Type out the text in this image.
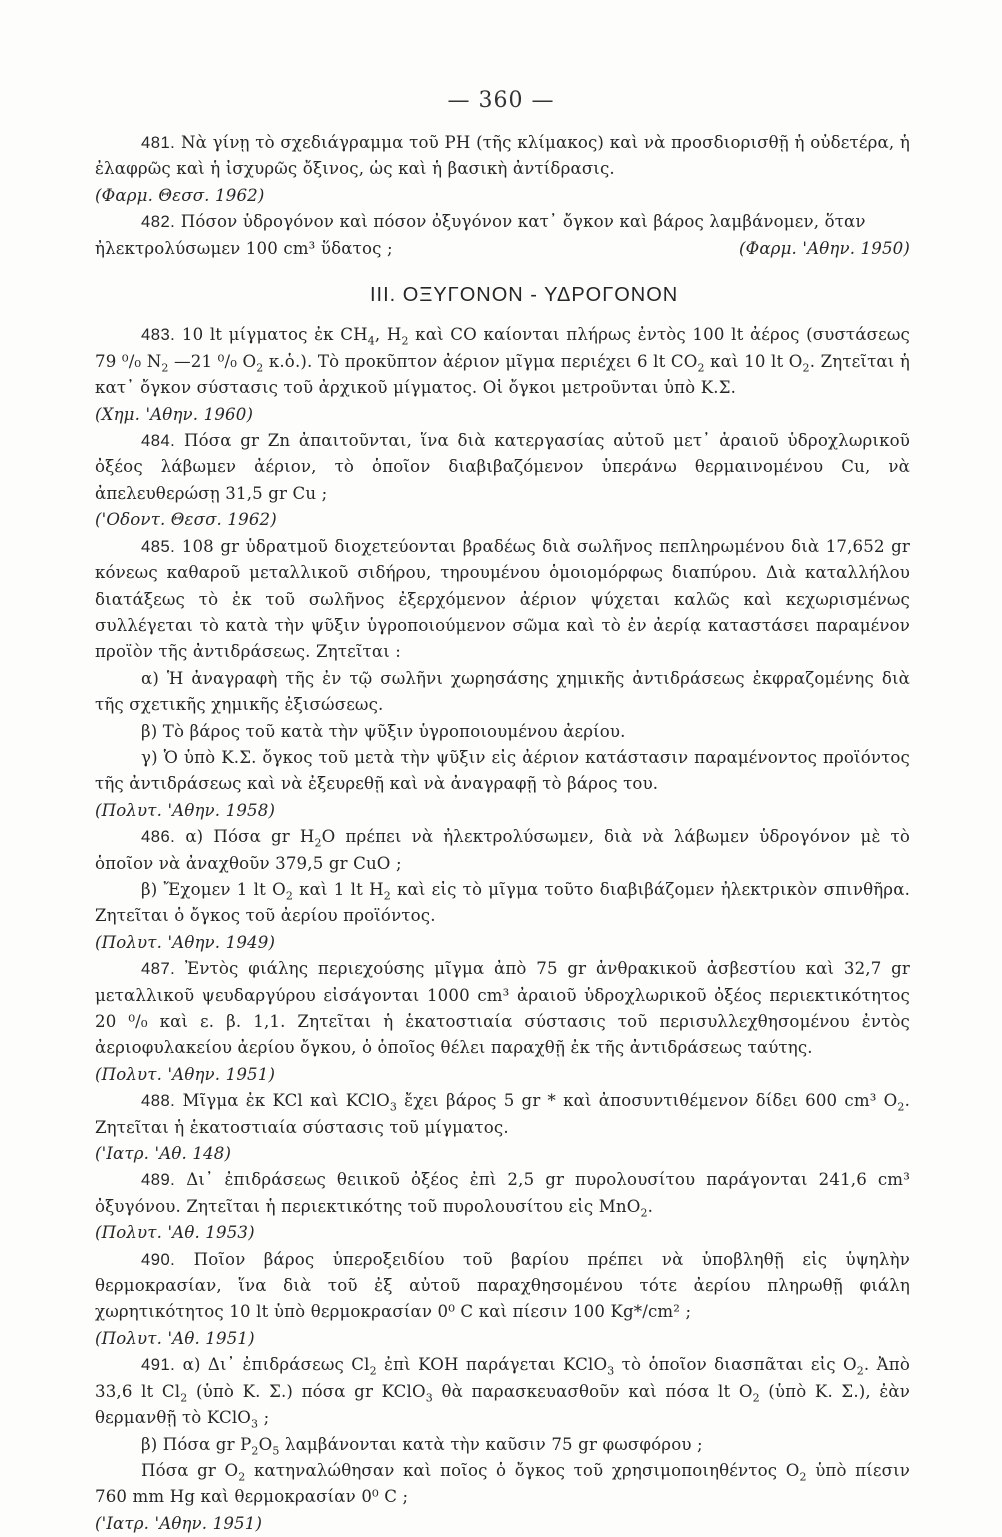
— 360 —

481. Νὰ γίνῃ τὸ σχεδιάγραμμα τοῦ PH (τῆς κλίμακος) καὶ νὰ προσδιορισθῇ ἡ οὐδετέρα, ἡ ἐλαφρῶς καὶ ἡ ἰσχυρῶς ὄξινος, ὡς καὶ ἡ βασικὴ ἀντίδρασις.

(Φαρμ. Θεσσ. 1962)

482. Πόσον ὑδρογόνον καὶ πόσον ὀξυγόνον κατ᾽ ὄγκον καὶ βάρος λαμβάνομεν, ὅταν

ἠλεκτρολύσωμεν 100 cm³ ὕδατος ;	(Φαρμ. 'Αθην. 1950)
III. ΟΞΥΓΟΝΟΝ - ΥΔΡΟΓΟΝΟΝ

483. 10 lt μίγματος ἐκ $CH_4$, $H_2$ καὶ CO καίονται πλήρως ἐντὸς 100 lt ἀέρος (συστάσεως 79 ⁰/₀ $N_2$ —21 ⁰/₀ $O_2$ κ.ὁ.). Τὸ προκῦπτον ἀέριον μῖγμα περιέχει 6 lt $CO_2$ καὶ 10 lt $O_2$. Ζητεῖται ἡ κατ᾽ ὄγκον σύστασις τοῦ ἀρχικοῦ μίγματος. Οἱ ὄγκοι μετροῦνται ὑπὸ Κ.Σ.

(Χημ. 'Αθην. 1960)

484. Πόσα gr Zn ἀπαιτοῦνται, ἵνα διὰ κατεργασίας αὐτοῦ μετ᾽ ἀραιοῦ ὑδροχλωρικοῦ ὀξέος λάβωμεν ἀέριον, τὸ ὁποῖον διαβιβαζόμενον ὑπεράνω θερμαινομένου Cu, νὰ ἀπελευθερώσῃ 31,5 gr Cu ;

('Οδοντ. Θεσσ. 1962)

485. 108 gr ὑδρατμοῦ διοχετεύονται βραδέως διὰ σωλῆνος πεπληρωμένου διὰ 17,652 gr κόνεως καθαροῦ μεταλλικοῦ σιδήρου, τηρουμένου ὁμοιομόρφως διαπύρου. Διὰ καταλλήλου διατάξεως τὸ ἐκ τοῦ σωλῆνος ἐξερχόμενον ἀέριον ψύχεται καλῶς καὶ κεχωρισμένως συλλέγεται τὸ κατὰ τὴν ψῦξιν ὑγροποιούμενον σῶμα καὶ τὸ ἐν ἀερίᾳ καταστάσει παραμένον προϊὸν τῆς ἀντιδράσεως. Ζητεῖται :

α) Ἡ ἀναγραφὴ τῆς ἐν τῷ σωλῆνι χωρησάσης χημικῆς ἀντιδράσεως ἐκφραζομένης διὰ τῆς σχετικῆς χημικῆς ἐξισώσεως.

β) Τὸ βάρος τοῦ κατὰ τὴν ψῦξιν ὑγροποιουμένου ἀερίου.

γ) Ὁ ὑπὸ Κ.Σ. ὄγκος τοῦ μετὰ τὴν ψῦξιν εἰς ἀέριον κατάστασιν παραμένοντος προϊόντος τῆς ἀντιδράσεως καὶ νὰ ἐξευρεθῇ καὶ νὰ ἀναγραφῇ τὸ βάρος του.

(Πολυτ. 'Αθην. 1958)

486. α) Πόσα gr $H_2O$ πρέπει νὰ ἠλεκτρολύσωμεν, διὰ νὰ λάβωμεν ὑδρογόνον μὲ τὸ ὁποῖον νὰ ἀναχθοῦν 379,5 gr CuO ;

β) Ἔχομεν 1 lt $O_2$ καὶ 1 lt $H_2$ καὶ εἰς τὸ μῖγμα τοῦτο διαβιβάζομεν ἠλεκτρικὸν σπινθῆρα. Ζητεῖται ὁ ὄγκος τοῦ ἀερίου προϊόντος.

(Πολυτ. 'Αθην. 1949)

487. Ἐντὸς φιάλης περιεχούσης μῖγμα ἀπὸ 75 gr ἀνθρακικοῦ ἀσβεστίου καὶ 32,7 gr μεταλλικοῦ ψευδαργύρου εἰσάγονται 1000 cm³ ἀραιοῦ ὑδροχλωρικοῦ ὀξέος περιεκτικότητος 20 ⁰/₀ καὶ ε. β. 1,1. Ζητεῖται ἡ ἑκατοστιαία σύστασις τοῦ περισυλλεχθησομένου ἐντὸς ἀεριοφυλακείου ἀερίου ὄγκου, ὁ ὁποῖος θέλει παραχθῇ ἐκ τῆς ἀντιδράσεως ταύτης.

(Πολυτ. 'Αθην. 1951)

488. Μῖγμα ἐκ KCl καὶ KClO$_3$ ἔχει βάρος 5 gr * καὶ ἀποσυντιθέμενον δίδει 600 cm³ $O_2$. Ζητεῖται ἡ ἑκατοστιαία σύστασις τοῦ μίγματος.

('Ιατρ. 'Αθ. 148)

489. Δι᾽ ἐπιδράσεως θειικοῦ ὀξέος ἐπὶ 2,5 gr πυρολουσίτου παράγονται 241,6 cm³ ὀξυγόνου. Ζητεῖται ἡ περιεκτικότης τοῦ πυρολουσίτου εἰς MnO$_2$.

(Πολυτ. 'Αθ. 1953)

490. Ποῖον βάρος ὑπεροξειδίου τοῦ βαρίου πρέπει νὰ ὑποβληθῇ εἰς ὑψηλὴν θερμοκρασίαν, ἵνα διὰ τοῦ ἐξ αὐτοῦ παραχθησομένου τότε ἀερίου πληρωθῇ φιάλη χωρητικότητος 10 lt ὑπὸ θερμοκρασίαν 0⁰ C καὶ πίεσιν 100 Kg*/cm² ;

(Πολυτ. 'Αθ. 1951)

491. α) Δι᾽ ἐπιδράσεως $Cl_2$ ἐπὶ KOH παράγεται KClO$_3$ τὸ ὁποῖον διασπᾶται εἰς $O_2$. Ἀπὸ 33,6 lt $Cl_2$ (ὑπὸ Κ. Σ.) πόσα gr KClO$_3$ θὰ παρασκευασθοῦν καὶ πόσα lt $O_2$ (ὑπὸ Κ. Σ.), ἐὰν θερμανθῇ τὸ KClO$_3$ ;

β) Πόσα gr $P_2O_5$ λαμβάνονται κατὰ τὴν καῦσιν 75 gr φωσφόρου ;

Πόσα gr $O_2$ κατηναλώθησαν καὶ ποῖος ὁ ὄγκος τοῦ χρησιμοποιηθέντος $O_2$ ὑπὸ πίεσιν 760 mm Hg καὶ θερμοκρασίαν 0⁰ C ;

('Ιατρ. 'Αθην. 1951)
